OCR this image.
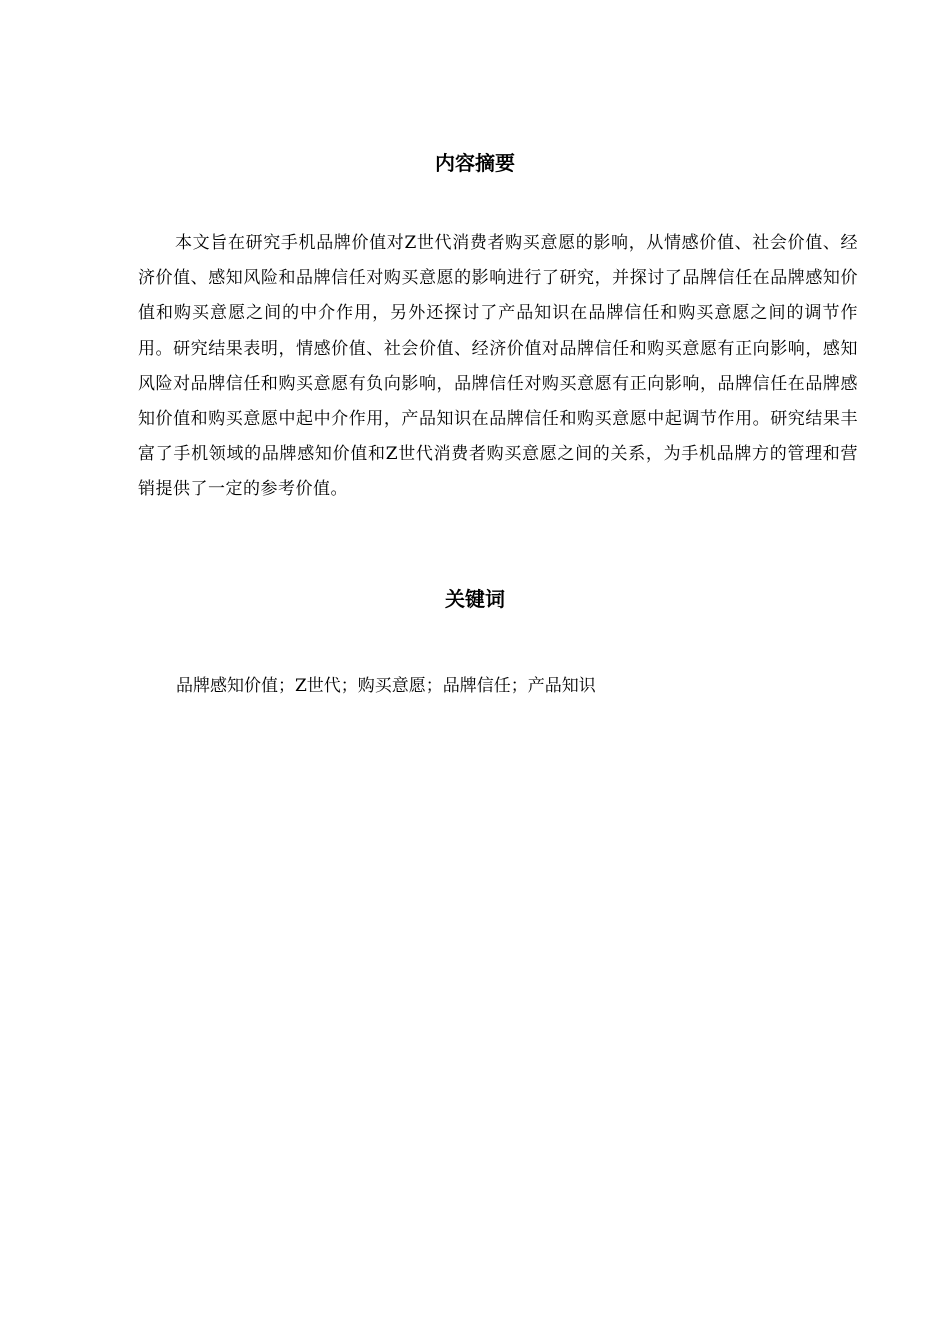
内容摘要

本文旨在研究手机品牌价值对Z世代消费者购买意愿的影响，从情感价值、社会价值、经济价值、感知风险和品牌信任对购买意愿的影响进行了研究，并探讨了品牌信任在品牌感知价值和购买意愿之间的中介作用，另外还探讨了产品知识在品牌信任和购买意愿之间的调节作用。研究结果表明，情感价值、社会价值、经济价值对品牌信任和购买意愿有正向影响，感知风险对品牌信任和购买意愿有负向影响，品牌信任对购买意愿有正向影响，品牌信任在品牌感知价值和购买意愿中起中介作用，产品知识在品牌信任和购买意愿中起调节作用。研究结果丰富了手机领域的品牌感知价值和Z世代消费者购买意愿之间的关系，为手机品牌方的管理和营销提供了一定的参考价值。

关键词

品牌感知价值；Z世代；购买意愿；品牌信任；产品知识
